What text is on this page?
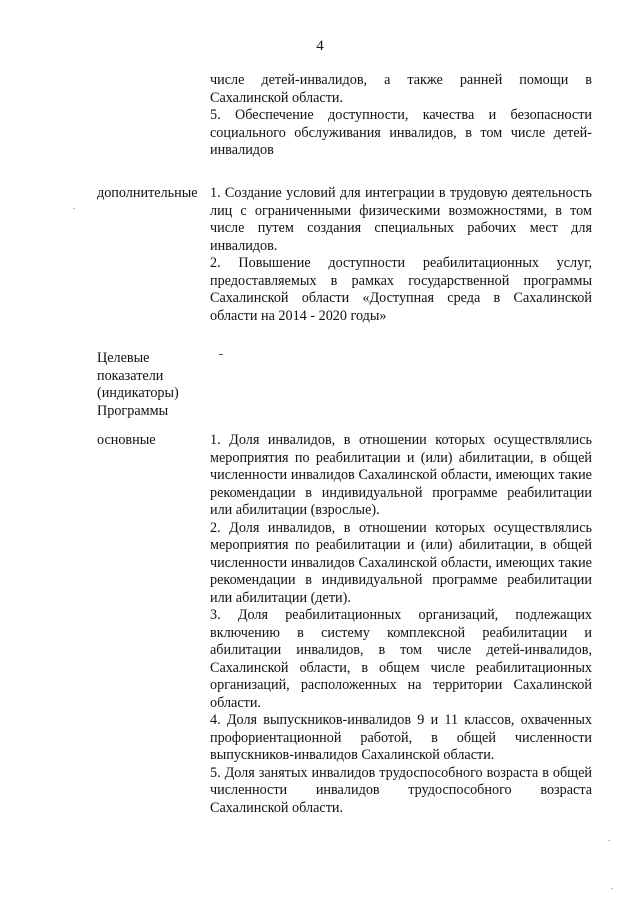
4

числе детей-инвалидов, а также ранней помощи в Сахалинской области.

5. Обеспечение доступности, качества и безопасности социального обслуживания инвалидов, в том числе детей-инвалидов

дополнительные 1. Создание условий для интеграции в трудовую деятельность лиц с ограниченными физическими возможностями, в том числе путем создания специальных рабочих мест для инвалидов.

2. Повышение доступности реабилитационных услуг, предоставляемых в рамках государственной программы Сахалинской области «Доступная среда в Сахалинской области на 2014 - 2020 годы»

Целевые показатели (индикаторы) Программы
основные	1. Доля инвалидов, в отношении которых осуществлялись мероприятия по реабилитации и (или) абилитации, в общей численности инвалидов Сахалинской области, имеющих такие рекомендации в индивидуальной программе реабилитации или абилитации (взрослые).

2. Доля инвалидов, в отношении которых осуществлялись мероприятия по реабилитации и (или) абилитации, в общей численности инвалидов Сахалинской области, имеющих такие рекомендации в индивидуальной программе реабилитации или абилитации (дети).

3. Доля реабилитационных организаций, подлежащих включению в систему комплексной реабилитации и абилитации инвалидов, в том числе детей-инвалидов, Сахалинской области, в общем числе реабилитационных организаций, расположенных на территории Сахалинской области.

4. Доля выпускников-инвалидов 9 и 11 классов, охваченных профориентационной работой, в общей численности выпускников-инвалидов Сахалинской области.

5. Доля занятых инвалидов трудоспособного возраста в общей численности инвалидов трудоспособного возраста Сахалинской области.
